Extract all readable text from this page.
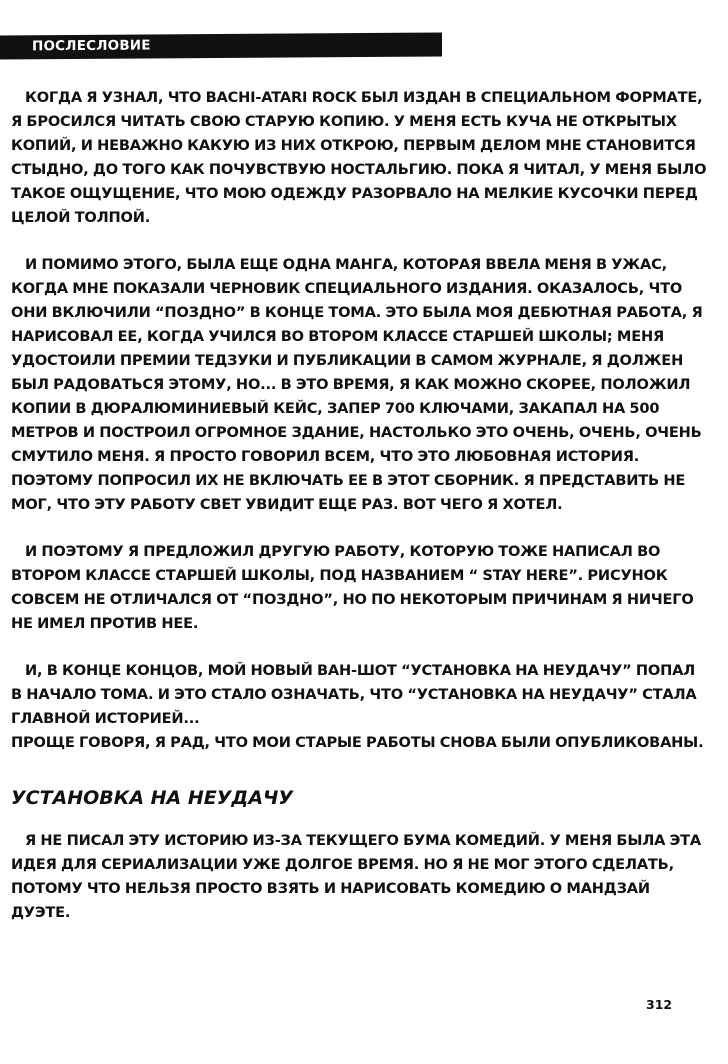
ПОСЛЕСЛОВИЕ

КОГДА Я УЗНАЛ, ЧТО BACHI-ATARI ROCK БЫЛ ИЗДАН В СПЕЦИАЛЬНОМ ФОРМАТЕ, Я БРОСИЛСЯ ЧИТАТЬ СВОЮ СТАРУЮ КОПИЮ. У МЕНЯ ЕСТЬ КУЧА НЕ ОТКРЫТЫХ КОПИЙ, И НЕВАЖНО КАКУЮ ИЗ НИХ ОТКРОЮ, ПЕРВЫМ ДЕЛОМ МНЕ СТАНОВИТСЯ СТЫДНО, ДО ТОГО КАК ПОЧУВСТВУЮ НОСТАЛЬГИЮ. ПОКА Я ЧИТАЛ, У МЕНЯ БЫЛО ТАКОЕ ОЩУЩЕНИЕ, ЧТО МОЮ ОДЕЖДУ РАЗОРВАЛО НА МЕЛКИЕ КУСОЧКИ ПЕРЕД ЦЕЛОЙ ТОЛПОЙ.

И ПОМИМО ЭТОГО, БЫЛА ЕЩЕ ОДНА МАНГА, КОТОРАЯ ВВЕЛА МЕНЯ В УЖАС, КОГДА МНЕ ПОКАЗАЛИ ЧЕРНОВИК СПЕЦИАЛЬНОГО ИЗДАНИЯ. ОКАЗАЛОСЬ, ЧТО ОНИ ВКЛЮЧИЛИ “ПОЗДНО” В КОНЦЕ ТОМА. ЭТО БЫЛА МОЯ ДЕБЮТНАЯ РАБОТА, Я НАРИСОВАЛ ЕЕ, КОГДА УЧИЛСЯ ВО ВТОРОМ КЛАССЕ СТАРШЕЙ ШКОЛЫ; МЕНЯ УДОСТОИЛИ ПРЕМИИ ТЕДЗУКИ И ПУБЛИКАЦИИ В САМОМ ЖУРНАЛЕ, Я ДОЛЖЕН БЫЛ РАДОВАТЬСЯ ЭТОМУ, НО... В ЭТО ВРЕМЯ, Я КАК МОЖНО СКОРЕЕ, ПОЛОЖИЛ КОПИИ В ДЮРАЛЮМИНИЕВЫЙ КЕЙС, ЗАПЕР 700 КЛЮЧАМИ, ЗАКАПАЛ НА 500 МЕТРОВ И ПОСТРОИЛ ОГРОМНОЕ ЗДАНИЕ, НАСТОЛЬКО ЭТО ОЧЕНЬ, ОЧЕНЬ, ОЧЕНЬ СМУТИЛО МЕНЯ. Я ПРОСТО ГОВОРИЛ ВСЕМ, ЧТО ЭТО ЛЮБОВНАЯ ИСТОРИЯ. ПОЭТОМУ ПОПРОСИЛ ИХ НЕ ВКЛЮЧАТЬ ЕЕ В ЭТОТ СБОРНИК. Я ПРЕДСТАВИТЬ НЕ МОГ, ЧТО ЭТУ РАБОТУ СВЕТ УВИДИТ ЕЩЕ РАЗ. ВОТ ЧЕГО Я ХОТЕЛ.

И ПОЭТОМУ Я ПРЕДЛОЖИЛ ДРУГУЮ РАБОТУ, КОТОРУЮ ТОЖЕ НАПИСАЛ ВО ВТОРОМ КЛАССЕ СТАРШЕЙ ШКОЛЫ, ПОД НАЗВАНИЕМ “ STAY HERE”. РИСУНОК СОВСЕМ НЕ ОТЛИЧАЛСЯ ОТ “ПОЗДНО”, НО ПО НЕКОТОРЫМ ПРИЧИНАМ Я НИЧЕГО НЕ ИМЕЛ ПРОТИВ НЕЕ.

И, В КОНЦЕ КОНЦОВ, МОЙ НОВЫЙ ВАН-ШОТ “УСТАНОВКА НА НЕУДАЧУ” ПОПАЛ В НАЧАЛО ТОМА. И ЭТО СТАЛО ОЗНАЧАТЬ, ЧТО “УСТАНОВКА НА НЕУДАЧУ” СТАЛА ГЛАВНОЙ ИСТОРИЕЙ...

ПРОЩЕ ГОВОРЯ, Я РАД, ЧТО МОИ СТАРЫЕ РАБОТЫ СНОВА БЫЛИ ОПУБЛИКОВАНЫ.

УСТАНОВКА НА НЕУДАЧУ

Я НЕ ПИСАЛ ЭТУ ИСТОРИЮ ИЗ-ЗА ТЕКУЩЕГО БУМА КОМЕДИЙ. У МЕНЯ БЫЛА ЭТА ИДЕЯ ДЛЯ СЕРИАЛИЗАЦИИ УЖЕ ДОЛГОЕ ВРЕМЯ. НО Я НЕ МОГ ЭТОГО СДЕЛАТЬ, ПОТОМУ ЧТО НЕЛЬЗЯ ПРОСТО ВЗЯТЬ И НАРИСОВАТЬ КОМЕДИЮ О МАНДЗАЙ ДУЭТЕ.

312
